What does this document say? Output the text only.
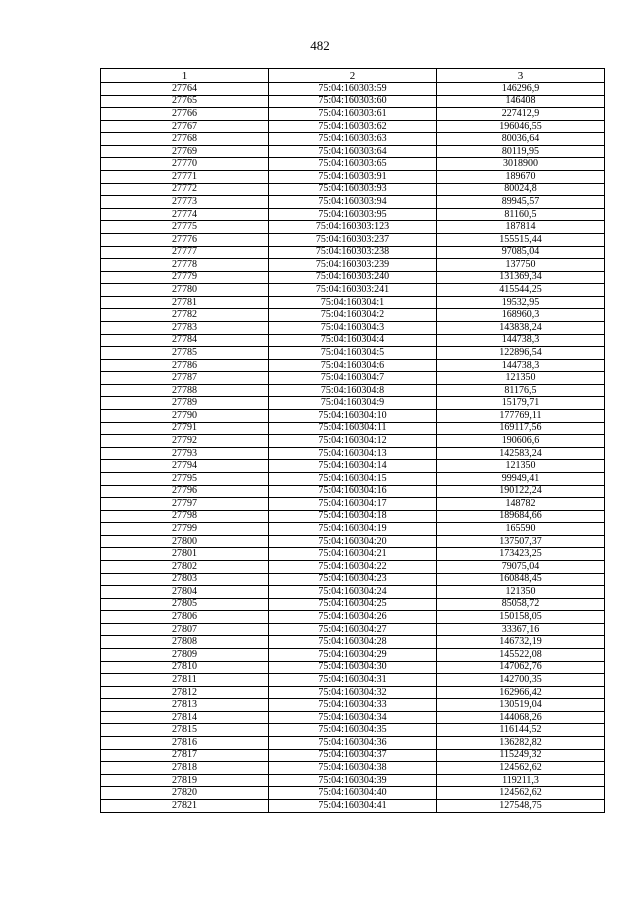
482
1	2	3
27764	75:04:160303:59	146296,9
27765	75:04:160303:60	146408
27766	75:04:160303:61	227412,9
27767	75:04:160303:62	196046,55
27768	75:04:160303:63	80036,64
27769	75:04:160303:64	80119,95
27770	75:04:160303:65	3018900
27771	75:04:160303:91	189670
27772	75:04:160303:93	80024,8
27773	75:04:160303:94	89945,57
27774	75:04:160303:95	81160,5
27775	75:04:160303:123	187814
27776	75:04:160303:237	155515,44
27777	75:04:160303:238	97085,04
27778	75:04:160303:239	137750
27779	75:04:160303:240	131369,34
27780	75:04:160303:241	415544,25
27781	75:04:160304:1	19532,95
27782	75:04:160304:2	168960,3
27783	75:04:160304:3	143838,24
27784	75:04:160304:4	144738,3
27785	75:04:160304:5	122896,54
27786	75:04:160304:6	144738,3
27787	75:04:160304:7	121350
27788	75:04:160304:8	81176,5
27789	75:04:160304:9	15179,71
27790	75:04:160304:10	177769,11
27791	75:04:160304:11	169117,56
27792	75:04:160304:12	190606,6
27793	75:04:160304:13	142583,24
27794	75:04:160304:14	121350
27795	75:04:160304:15	99949,41
27796	75:04:160304:16	190122,24
27797	75:04:160304:17	148782
27798	75:04:160304:18	189684,66
27799	75:04:160304:19	165590
27800	75:04:160304:20	137507,37
27801	75:04:160304:21	173423,25
27802	75:04:160304:22	79075,04
27803	75:04:160304:23	160848,45
27804	75:04:160304:24	121350
27805	75:04:160304:25	85058,72
27806	75:04:160304:26	150158,05
27807	75:04:160304:27	33367,16
27808	75:04:160304:28	146732,19
27809	75:04:160304:29	145522,08
27810	75:04:160304:30	147062,76
27811	75:04:160304:31	142700,35
27812	75:04:160304:32	162966,42
27813	75:04:160304:33	130519,04
27814	75:04:160304:34	144068,26
27815	75:04:160304:35	116144,52
27816	75:04:160304:36	136282,82
27817	75:04:160304:37	115249,32
27818	75:04:160304:38	124562,62
27819	75:04:160304:39	119211,3
27820	75:04:160304:40	124562,62
27821	75:04:160304:41	127548,75
